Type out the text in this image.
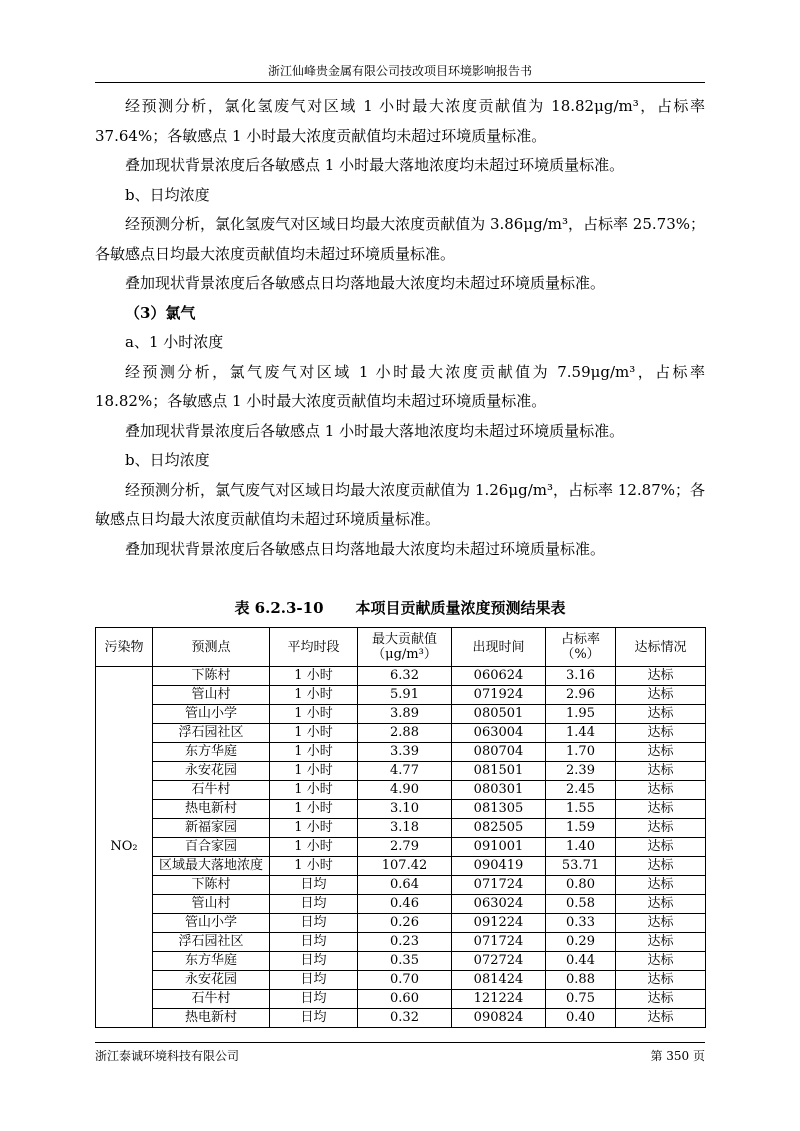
浙江仙峰贵金属有限公司技改项目环境影响报告书

经预测分析，氯化氢废气对区域 1 小时最大浓度贡献值为 18.82μg/m³，占标率 37.64%；各敏感点 1 小时最大浓度贡献值均未超过环境质量标准。

叠加现状背景浓度后各敏感点 1 小时最大落地浓度均未超过环境质量标准。

b、日均浓度

经预测分析，氯化氢废气对区域日均最大浓度贡献值为 3.86μg/m³，占标率 25.73%；各敏感点日均最大浓度贡献值均未超过环境质量标准。

叠加现状背景浓度后各敏感点日均落地最大浓度均未超过环境质量标准。

（3）氯气

a、1 小时浓度

经预测分析，氯气废气对区域 1 小时最大浓度贡献值为 7.59μg/m³，占标率 18.82%；各敏感点 1 小时最大浓度贡献值均未超过环境质量标准。

叠加现状背景浓度后各敏感点 1 小时最大落地浓度均未超过环境质量标准。

b、日均浓度

经预测分析，氯气废气对区域日均最大浓度贡献值为 1.26μg/m³，占标率 12.87%；各敏感点日均最大浓度贡献值均未超过环境质量标准。

叠加现状背景浓度后各敏感点日均落地最大浓度均未超过环境质量标准。

表 6.2.3-10 本项目贡献质量浓度预测结果表
污染物	预测点	平均时段	最大贡献值（μg/m³）	出现时间	占标率（%）	达标情况
NO₂	下陈村	1 小时	6.32	060624	3.16	达标
	管山村	1 小时	5.91	071924	2.96	达标
	管山小学	1 小时	3.89	080501	1.95	达标
	浮石园社区	1 小时	2.88	063004	1.44	达标
	东方华庭	1 小时	3.39	080704	1.70	达标
	永安花园	1 小时	4.77	081501	2.39	达标
	石牛村	1 小时	4.90	080301	2.45	达标
	热电新村	1 小时	3.10	081305	1.55	达标
	新福家园	1 小时	3.18	082505	1.59	达标
	百合家园	1 小时	2.79	091001	1.40	达标
	区域最大落地浓度	1 小时	107.42	090419	53.71	达标
	下陈村	日均	0.64	071724	0.80	达标
	管山村	日均	0.46	063024	0.58	达标
	管山小学	日均	0.26	091224	0.33	达标
	浮石园社区	日均	0.23	071724	0.29	达标
	东方华庭	日均	0.35	072724	0.44	达标
	永安花园	日均	0.70	081424	0.88	达标
	石牛村	日均	0.60	121224	0.75	达标
	热电新村	日均	0.32	090824	0.40	达标
浙江泰诚环境科技有限公司	第 350 页
